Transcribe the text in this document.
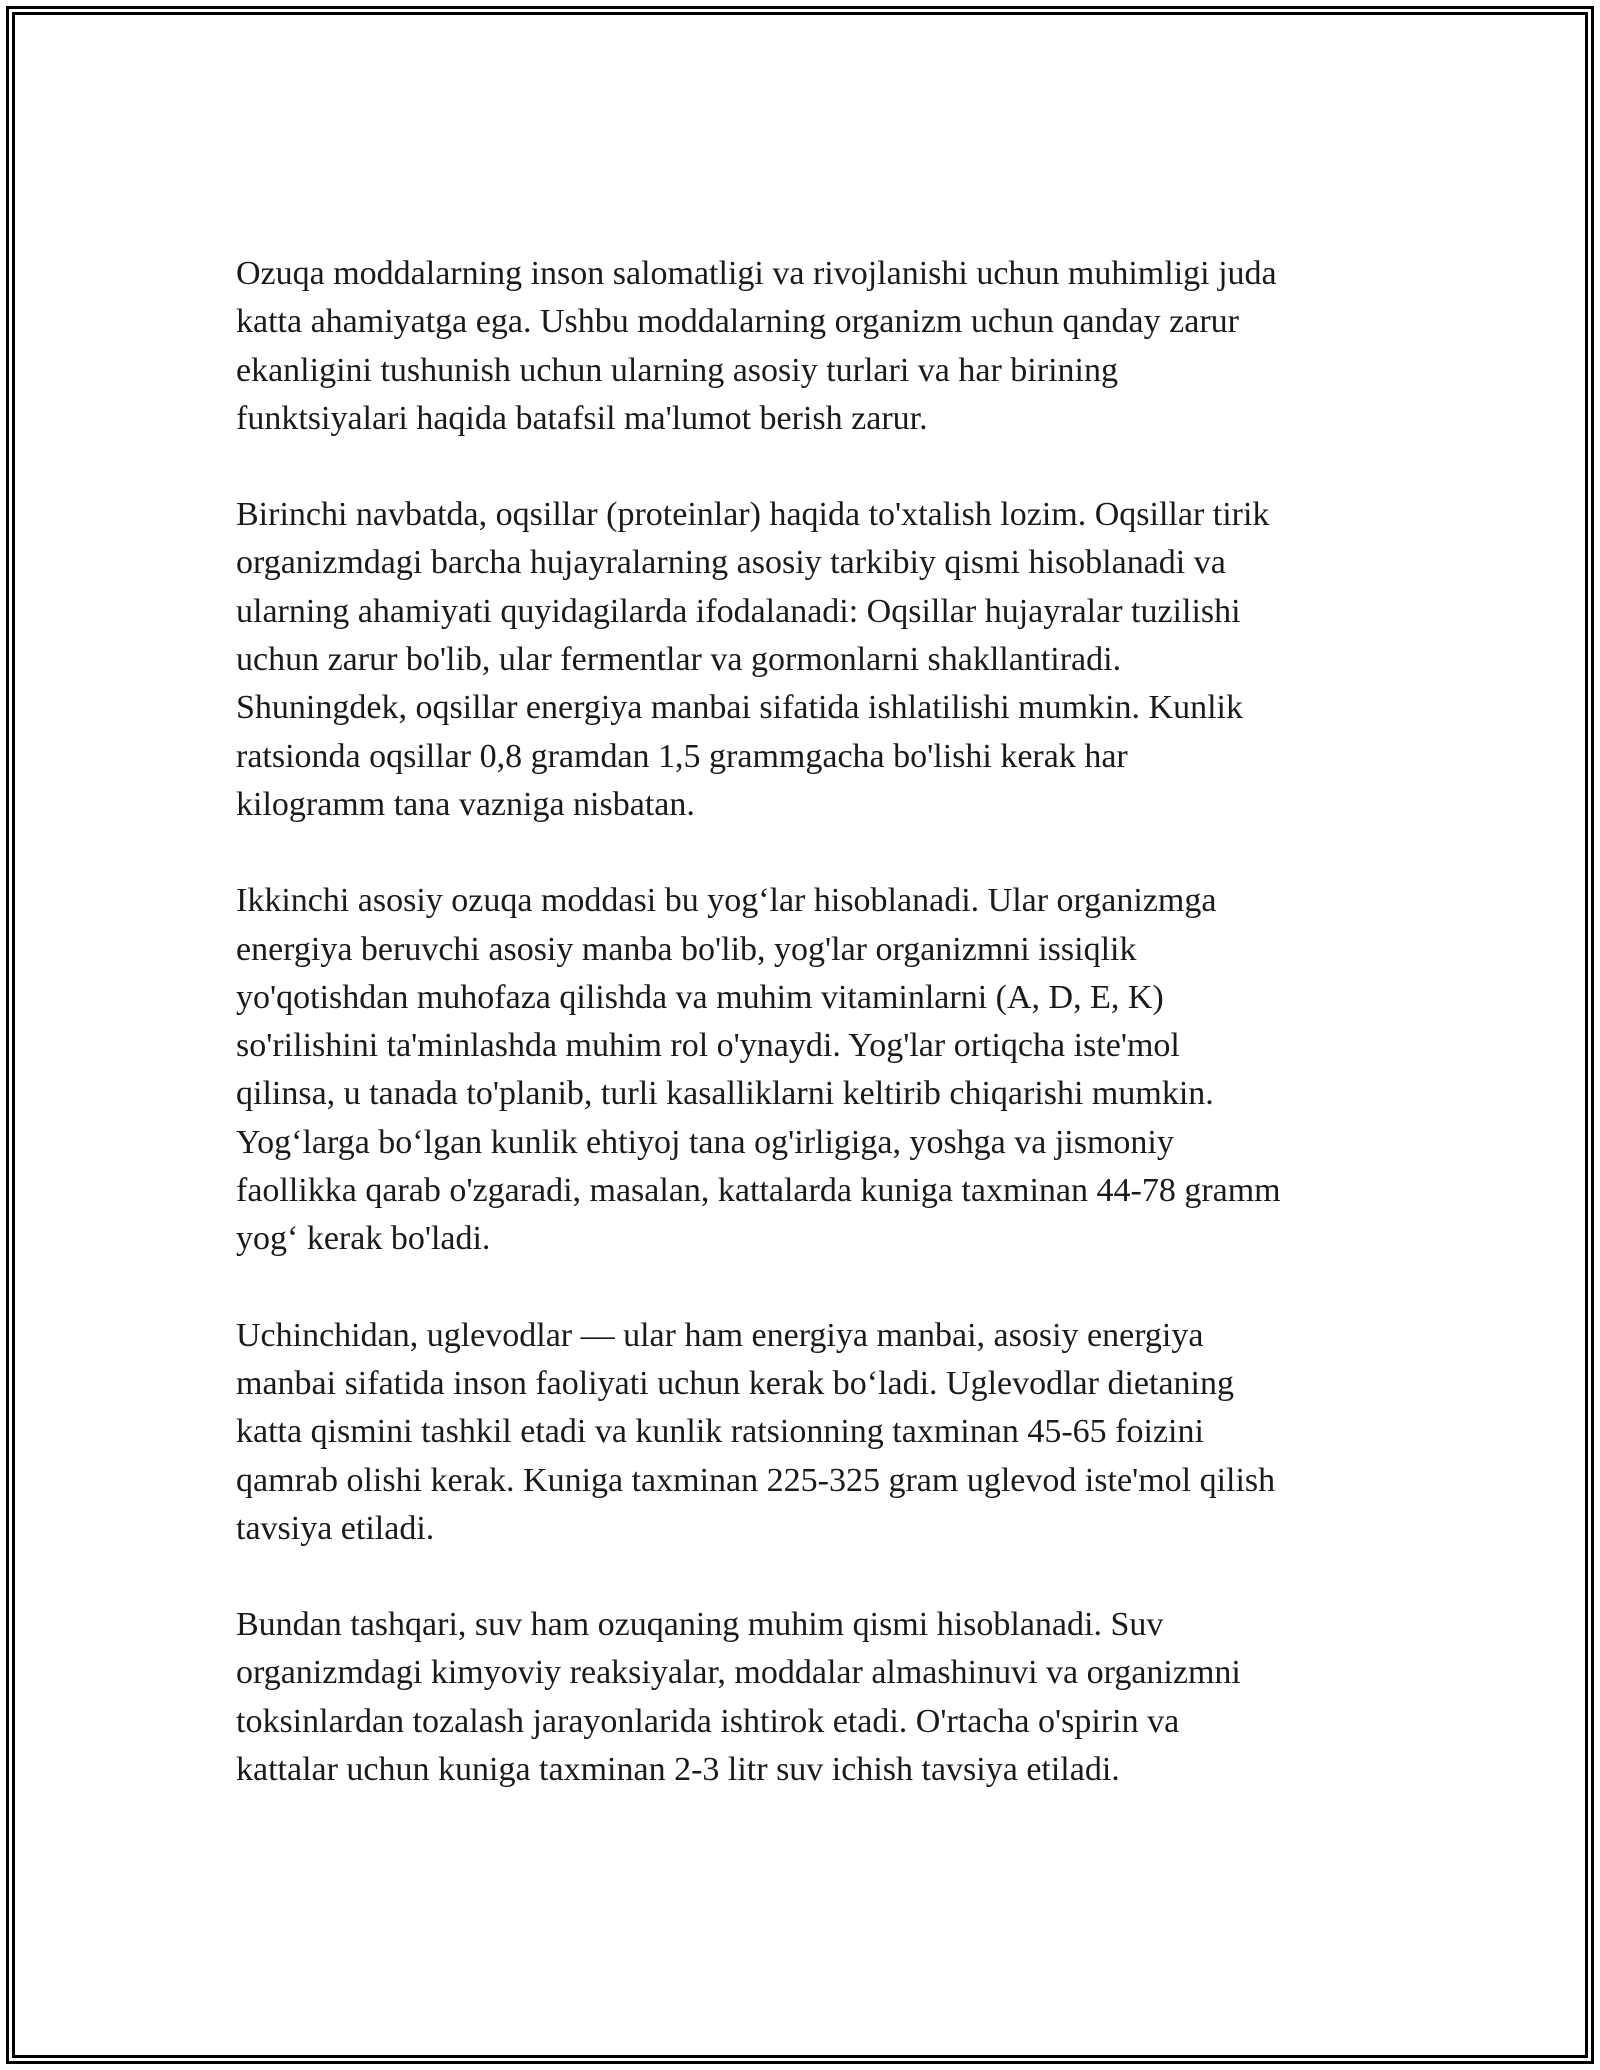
Ozuqa moddalarning inson salomatligi va rivojlanishi uchun muhimligi juda
katta ahamiyatga ega. Ushbu moddalarning organizm uchun qanday zarur
ekanligini tushunish uchun ularning asosiy turlari va har birining
funktsiyalari haqida batafsil ma'lumot berish zarur.

Birinchi navbatda, oqsillar (proteinlar) haqida to'xtalish lozim. Oqsillar tirik
organizmdagi barcha hujayralarning asosiy tarkibiy qismi hisoblanadi va
ularning ahamiyati quyidagilarda ifodalanadi: Oqsillar hujayralar tuzilishi
uchun zarur bo'lib, ular fermentlar va gormonlarni shakllantiradi.
Shuningdek, oqsillar energiya manbai sifatida ishlatilishi mumkin. Kunlik
ratsionda oqsillar 0,8 gramdan 1,5 grammgacha bo'lishi kerak har
kilogramm tana vazniga nisbatan.

Ikkinchi asosiy ozuqa moddasi bu yog‘lar hisoblanadi. Ular organizmga
energiya beruvchi asosiy manba bo'lib, yog'lar organizmni issiqlik
yo'qotishdan muhofaza qilishda va muhim vitaminlarni (A, D, E, K)
so'rilishini ta'minlashda muhim rol o'ynaydi. Yog'lar ortiqcha iste'mol
qilinsa, u tanada to'planib, turli kasalliklarni keltirib chiqarishi mumkin.
Yog‘larga bo‘lgan kunlik ehtiyoj tana og'irligiga, yoshga va jismoniy
faollikka qarab o'zgaradi, masalan, kattalarda kuniga taxminan 44-78 gramm
yog‘ kerak bo'ladi.

Uchinchidan, uglevodlar — ular ham energiya manbai, asosiy energiya
manbai sifatida inson faoliyati uchun kerak bo‘ladi. Uglevodlar dietaning
katta qismini tashkil etadi va kunlik ratsionning taxminan 45-65 foizini
qamrab olishi kerak. Kuniga taxminan 225-325 gram uglevod iste'mol qilish
tavsiya etiladi.

Bundan tashqari, suv ham ozuqaning muhim qismi hisoblanadi. Suv
organizmdagi kimyoviy reaksiyalar, moddalar almashinuvi va organizmni
toksinlardan tozalash jarayonlarida ishtirok etadi. O'rtacha o'spirin va
kattalar uchun kuniga taxminan 2-3 litr suv ichish tavsiya etiladi.
